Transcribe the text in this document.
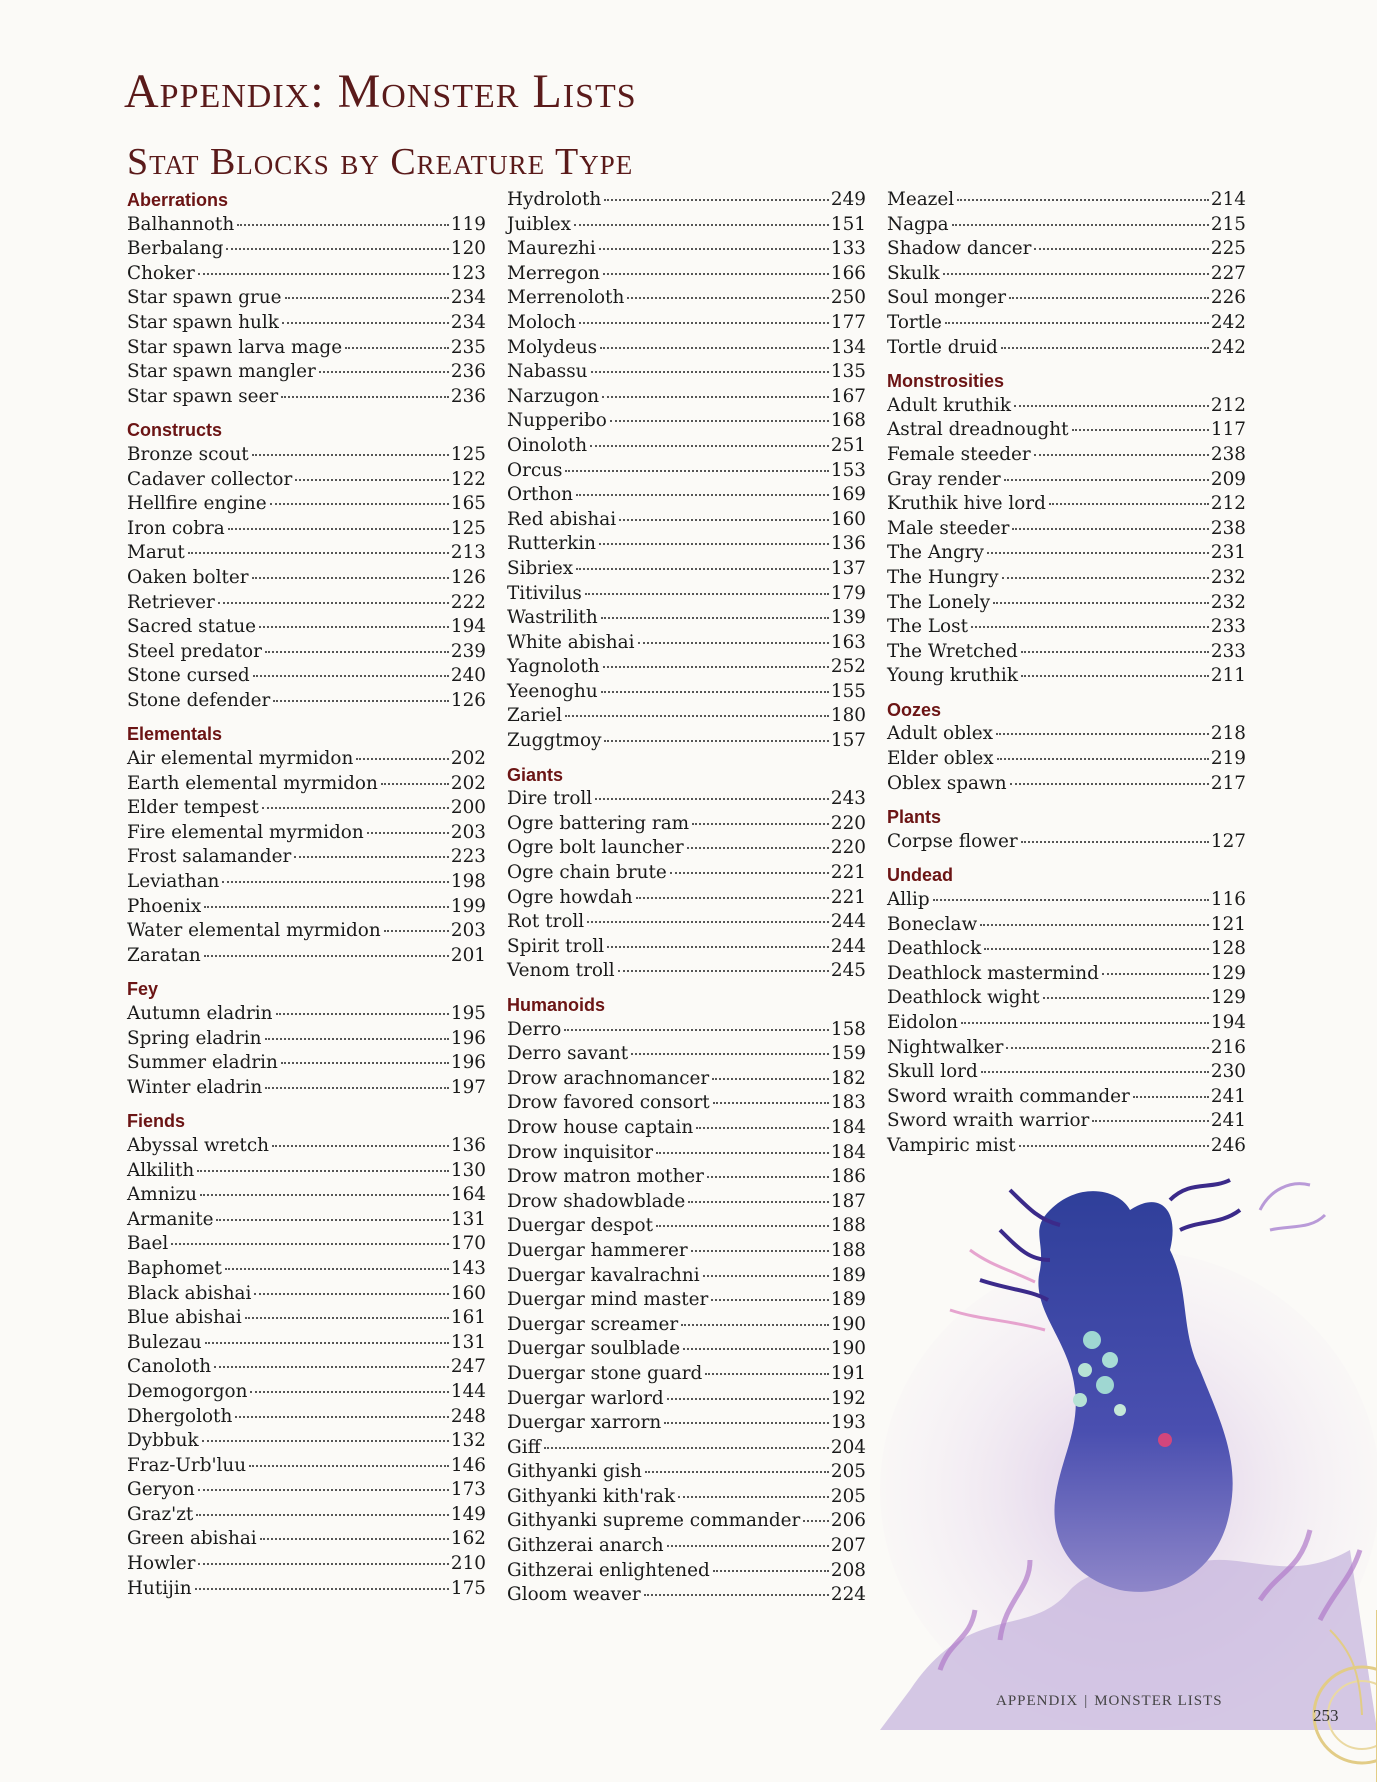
Appendix: Monster Lists
Stat Blocks by Creature Type
Aberrations
Balhannoth	119
Berbalang	120
Choker	123
Star spawn grue	234
Star spawn hulk	234
Star spawn larva mage	235
Star spawn mangler	236
Star spawn seer	236
Constructs
Bronze scout	125
Cadaver collector	122
Hellfire engine	165
Iron cobra	125
Marut	213
Oaken bolter	126
Retriever	222
Sacred statue	194
Steel predator	239
Stone cursed	240
Stone defender	126
Elementals
Air elemental myrmidon	202
Earth elemental myrmidon	202
Elder tempest	200
Fire elemental myrmidon	203
Frost salamander	223
Leviathan	198
Phoenix	199
Water elemental myrmidon	203
Zaratan	201
Fey
Autumn eladrin	195
Spring eladrin	196
Summer eladrin	196
Winter eladrin	197
Fiends
Abyssal wretch	136
Alkilith	130
Amnizu	164
Armanite	131
Bael	170
Baphomet	143
Black abishai	160
Blue abishai	161
Bulezau	131
Canoloth	247
Demogorgon	144
Dhergoloth	248
Dybbuk	132
Fraz-Urb'luu	146
Geryon	173
Graz'zt	149
Green abishai	162
Howler	210
Hutijin	175
Hydroloth	249
Juiblex	151
Maurezhi	133
Merregon	166
Merrenoloth	250
Moloch	177
Molydeus	134
Nabassu	135
Narzugon	167
Nupperibo	168
Oinoloth	251
Orcus	153
Orthon	169
Red abishai	160
Rutterkin	136
Sibriex	137
Titivilus	179
Wastrilith	139
White abishai	163
Yagnoloth	252
Yeenoghu	155
Zariel	180
Zuggtmoy	157
Giants
Dire troll	243
Ogre battering ram	220
Ogre bolt launcher	220
Ogre chain brute	221
Ogre howdah	221
Rot troll	244
Spirit troll	244
Venom troll	245
Humanoids
Derro	158
Derro savant	159
Drow arachnomancer	182
Drow favored consort	183
Drow house captain	184
Drow inquisitor	184
Drow matron mother	186
Drow shadowblade	187
Duergar despot	188
Duergar hammerer	188
Duergar kavalrachni	189
Duergar mind master	189
Duergar screamer	190
Duergar soulblade	190
Duergar stone guard	191
Duergar warlord	192
Duergar xarrorn	193
Giff	204
Githyanki gish	205
Githyanki kith'rak	205
Githyanki supreme commander 206
Githzerai anarch	207
Githzerai enlightened	208
Gloom weaver	224
Meazel	214
Nagpa	215
Shadow dancer	225
Skulk	227
Soul monger	226
Tortle	242
Tortle druid	242
Monstrosities
Adult kruthik	212
Astral dreadnought	117
Female steeder	238
Gray render	209
Kruthik hive lord	212
Male steeder	238
The Angry	231
The Hungry	232
The Lonely	232
The Lost	233
The Wretched	233
Young kruthik	211
Oozes
Adult oblex	218
Elder oblex	219
Oblex spawn	217
Plants
Corpse flower	127
Undead
Allip	116
Boneclaw	121
Deathlock	128
Deathlock mastermind	129
Deathlock wight	129
Eidolon	194
Nightwalker	216
Skull lord	230
Sword wraith commander	241
Sword wraith warrior	241
Vampiric mist	246
APPENDIX | MONSTER LISTS
253
